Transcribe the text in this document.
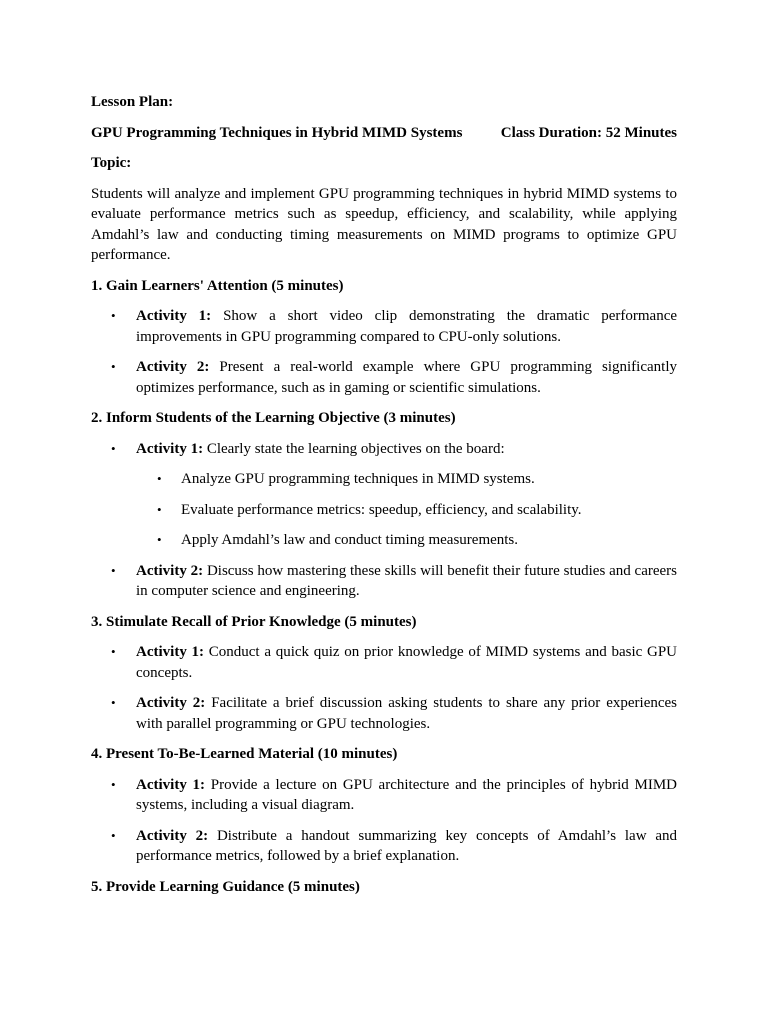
Lesson Plan:

GPU Programming Techniques in Hybrid MIMD Systems	Class Duration: 52 Minutes

Topic:

Students will analyze and implement GPU programming techniques in hybrid MIMD systems to evaluate performance metrics such as speedup, efficiency, and scalability, while applying Amdahl’s law and conducting timing measurements on MIMD programs to optimize GPU performance.

1. Gain Learners' Attention (5 minutes)

• Activity 1: Show a short video clip demonstrating the dramatic performance improvements in GPU programming compared to CPU-only solutions.
• Activity 2: Present a real-world example where GPU programming significantly optimizes performance, such as in gaming or scientific simulations.

2. Inform Students of the Learning Objective (3 minutes)

• Activity 1: Clearly state the learning objectives on the board:
• Analyze GPU programming techniques in MIMD systems.
• Evaluate performance metrics: speedup, efficiency, and scalability.
• Apply Amdahl’s law and conduct timing measurements.
• Activity 2: Discuss how mastering these skills will benefit their future studies and careers in computer science and engineering.

3. Stimulate Recall of Prior Knowledge (5 minutes)

• Activity 1: Conduct a quick quiz on prior knowledge of MIMD systems and basic GPU concepts.
• Activity 2: Facilitate a brief discussion asking students to share any prior experiences with parallel programming or GPU technologies.

4. Present To-Be-Learned Material (10 minutes)

• Activity 1: Provide a lecture on GPU architecture and the principles of hybrid MIMD systems, including a visual diagram.
• Activity 2: Distribute a handout summarizing key concepts of Amdahl’s law and performance metrics, followed by a brief explanation.

5. Provide Learning Guidance (5 minutes)
